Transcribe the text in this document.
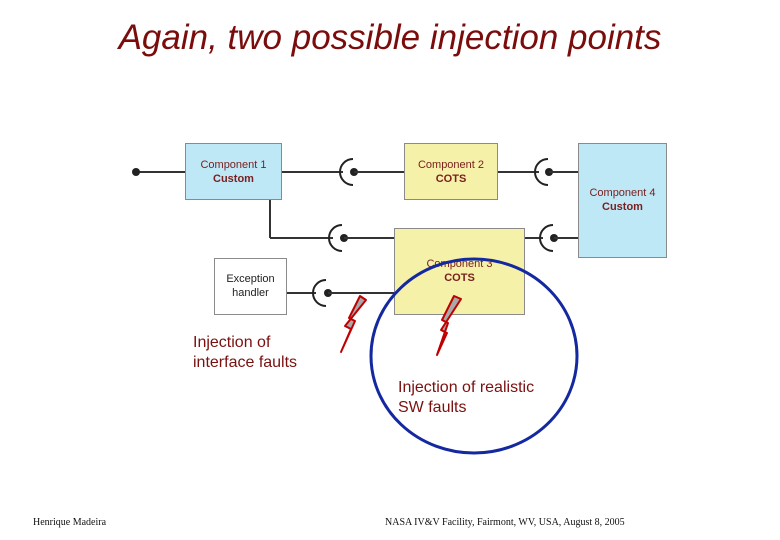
Again, two possible injection points
Component 1
Custom
Component 2
COTS
Component 4
Custom
Component 3
COTS
Exception
handler
Injection of
interface faults
Injection of realistic
SW faults
Henrique Madeira	NASA IV&V Facility, Fairmont, WV, USA, August 8, 2005
